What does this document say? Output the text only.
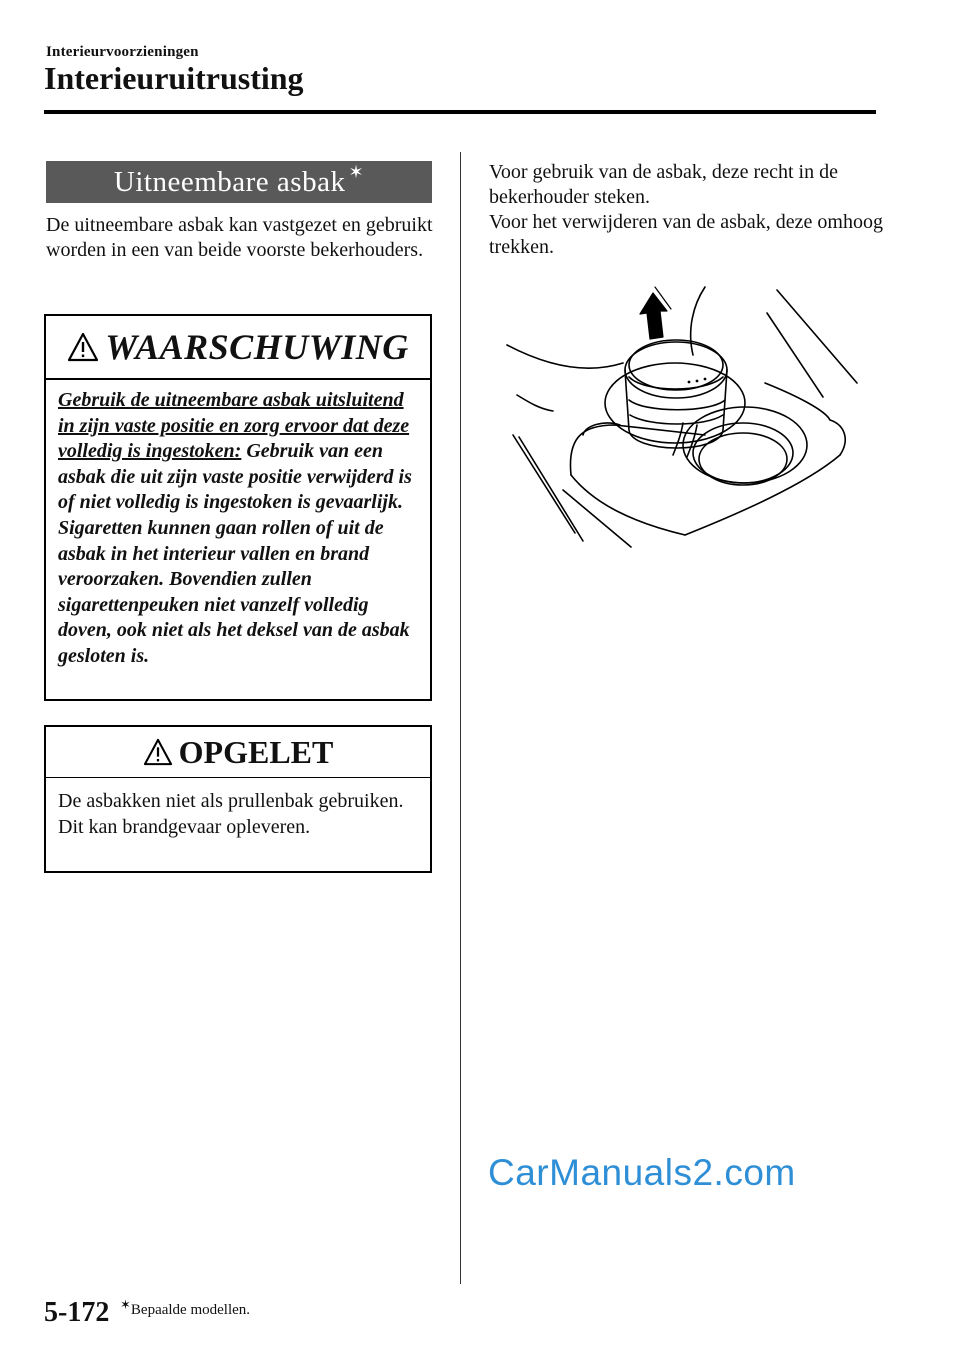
Interieurvoorzieningen
Interieuruitrusting
Uitneembare asbak ✶
De uitneembare asbak kan vastgezet en gebruikt worden in een van beide voorste bekerhouders.
WAARSCHUWING
Gebruik de uitneembare asbak uitsluitend in zijn vaste positie en zorg ervoor dat deze volledig is ingestoken: Gebruik van een asbak die uit zijn vaste positie verwijderd is of niet volledig is ingestoken is gevaarlijk. Sigaretten kunnen gaan rollen of uit de asbak in het interieur vallen en brand veroorzaken. Bovendien zullen sigarettenpeuken niet vanzelf volledig doven, ook niet als het deksel van de asbak gesloten is.
OPGELET
De asbakken niet als prullenbak gebruiken. Dit kan brandgevaar opleveren.
Voor gebruik van de asbak, deze recht in de bekerhouder steken.
Voor het verwijderen van de asbak, deze omhoog trekken.
CarManuals2.com
5-172 ✶Bepaalde modellen.
